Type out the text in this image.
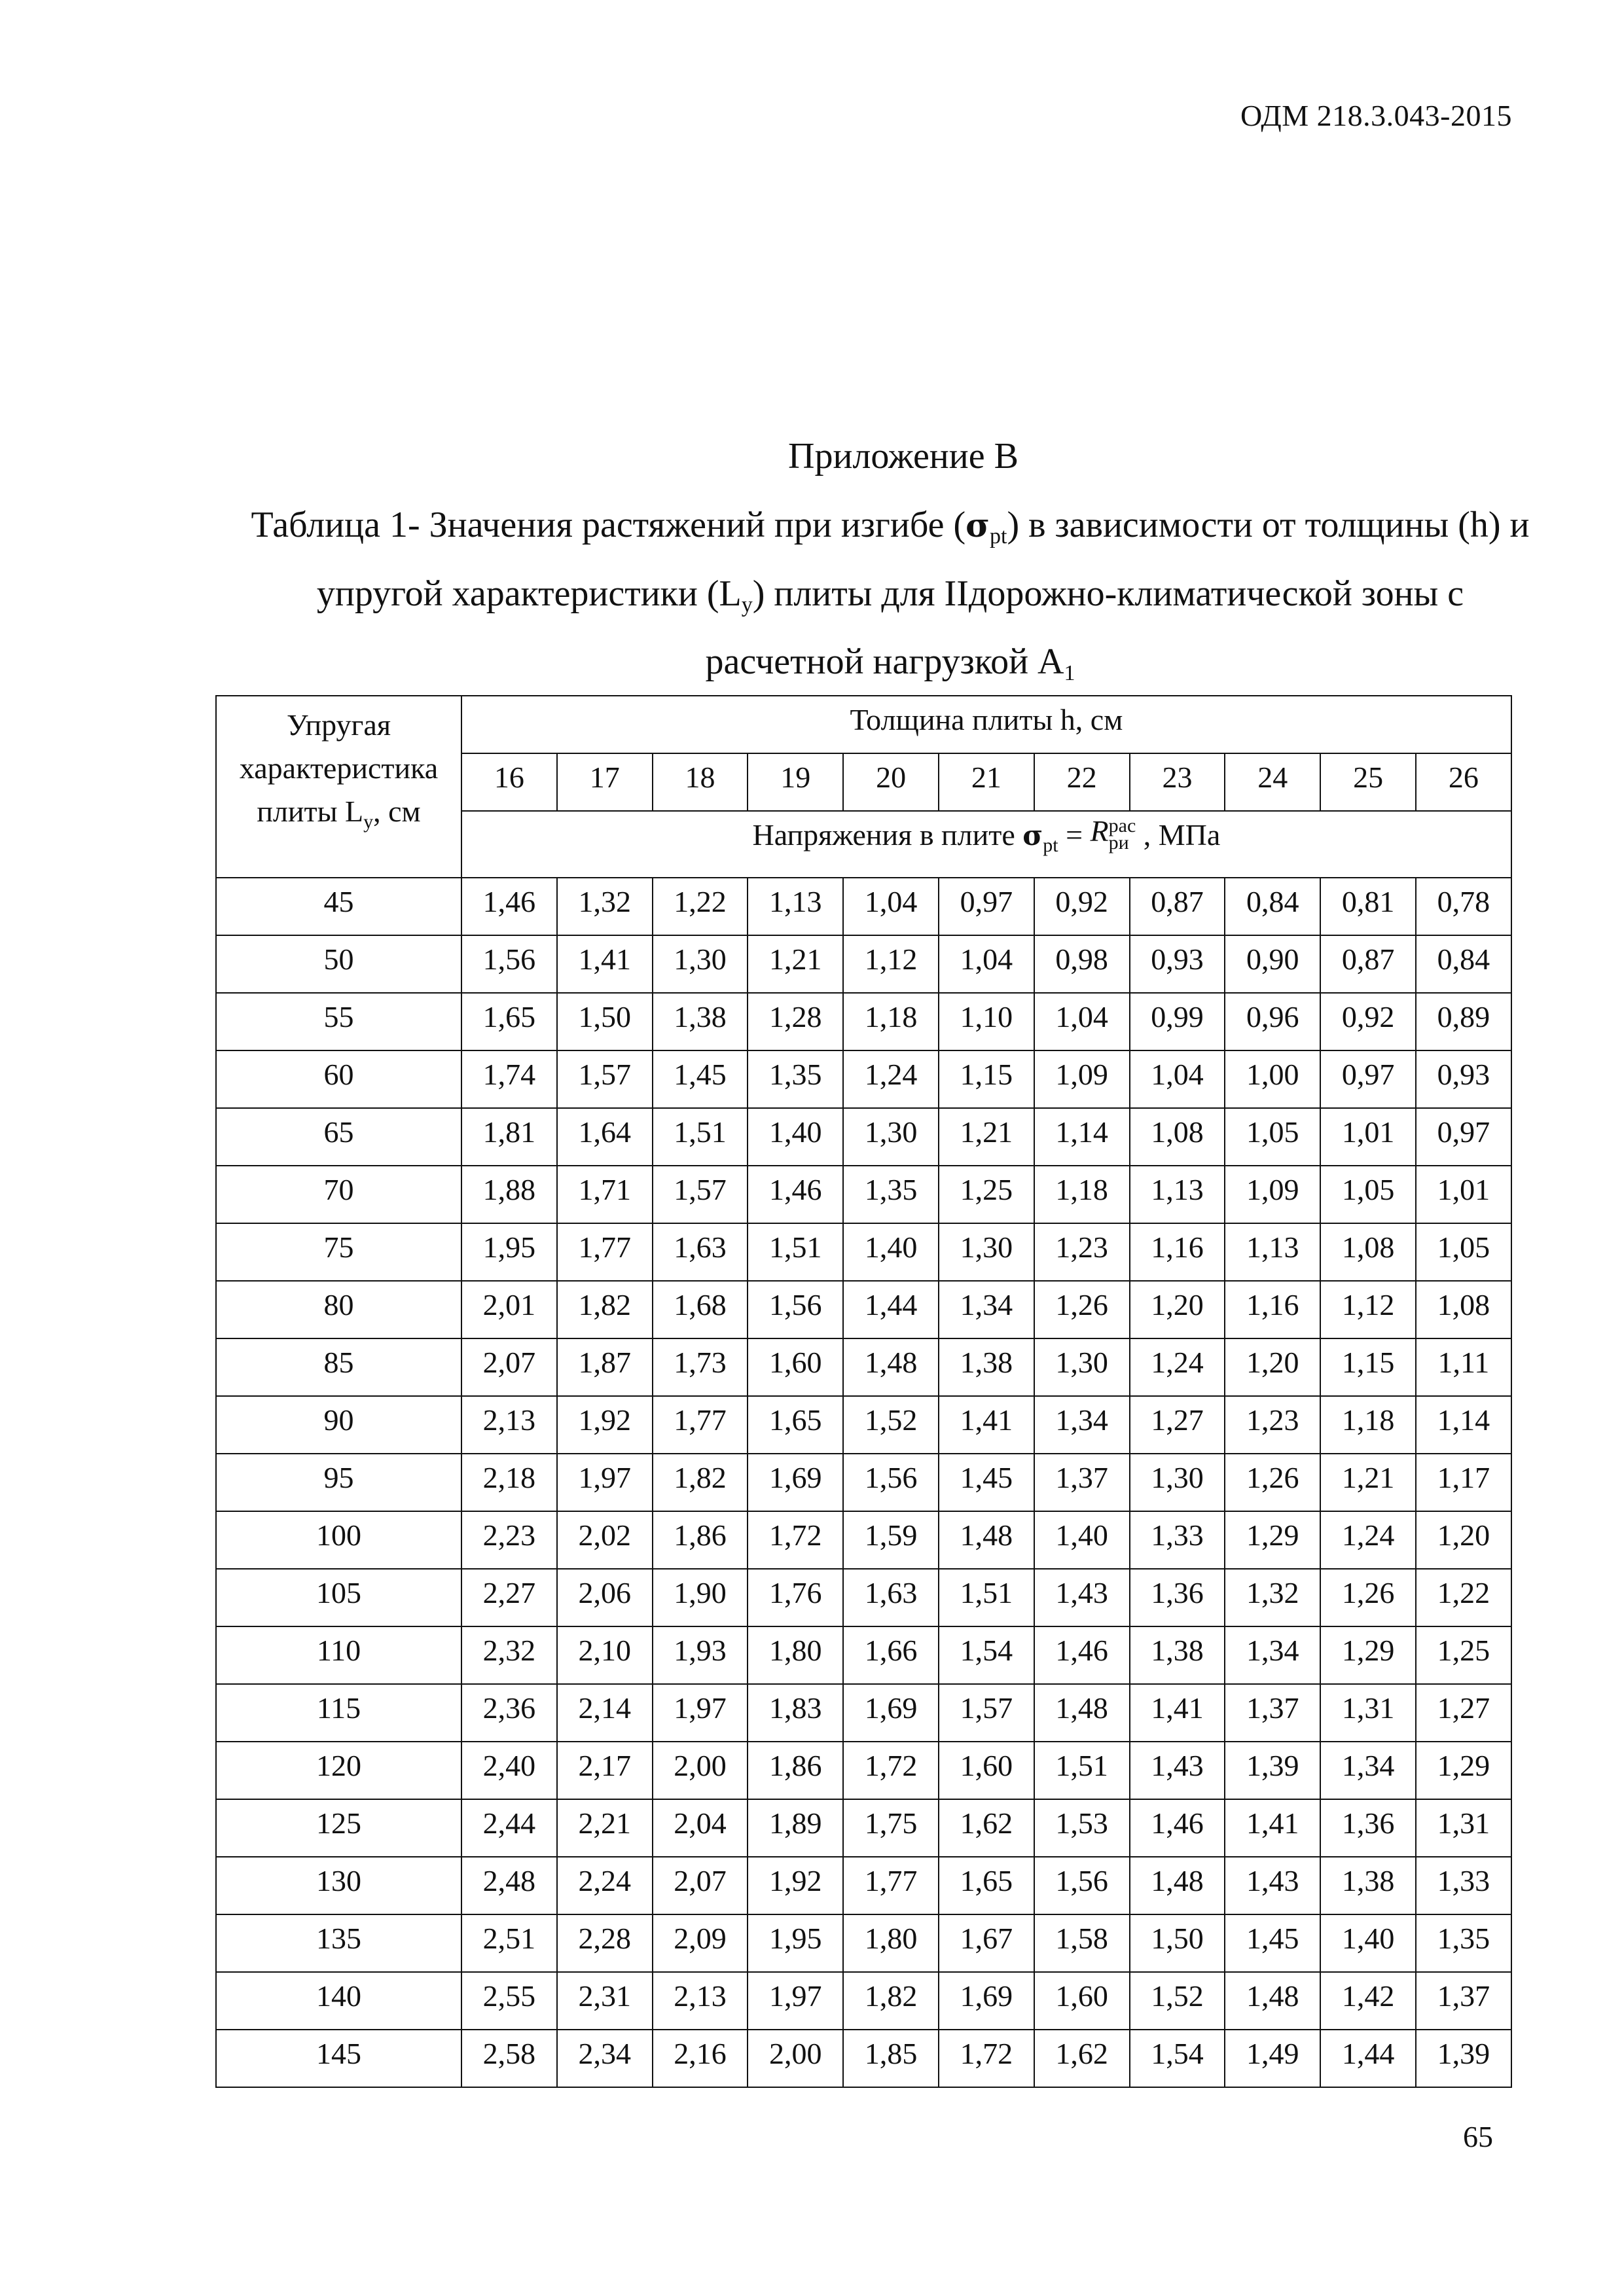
ОДМ 218.3.043-2015
Приложение В
Таблица 1- Значения растяжений при изгибе $(\sigma_{pt})$ в зависимости от толщины (h) и упругой характеристики $(L_у)$ плиты для IIдорожно-климатической зоны с расчетной нагрузкой $А_1$
Упругая
характеристика
плиты $L_у$, см	Толщина плиты h, см										
	16	17	18	19	20	21	22	23	24	25	26
	Напряжения в плите $\sigma_{pt} = R$ рас
ри , МПа										
45	1,46	1,32	1,22	1,13	1,04	0,97	0,92	0,87	0,84	0,81	0,78
50	1,56	1,41	1,30	1,21	1,12	1,04	0,98	0,93	0,90	0,87	0,84
55	1,65	1,50	1,38	1,28	1,18	1,10	1,04	0,99	0,96	0,92	0,89
60	1,74	1,57	1,45	1,35	1,24	1,15	1,09	1,04	1,00	0,97	0,93
65	1,81	1,64	1,51	1,40	1,30	1,21	1,14	1,08	1,05	1,01	0,97
70	1,88	1,71	1,57	1,46	1,35	1,25	1,18	1,13	1,09	1,05	1,01
75	1,95	1,77	1,63	1,51	1,40	1,30	1,23	1,16	1,13	1,08	1,05
80	2,01	1,82	1,68	1,56	1,44	1,34	1,26	1,20	1,16	1,12	1,08
85	2,07	1,87	1,73	1,60	1,48	1,38	1,30	1,24	1,20	1,15	1,11
90	2,13	1,92	1,77	1,65	1,52	1,41	1,34	1,27	1,23	1,18	1,14
95	2,18	1,97	1,82	1,69	1,56	1,45	1,37	1,30	1,26	1,21	1,17
100	2,23	2,02	1,86	1,72	1,59	1,48	1,40	1,33	1,29	1,24	1,20
105	2,27	2,06	1,90	1,76	1,63	1,51	1,43	1,36	1,32	1,26	1,22
110	2,32	2,10	1,93	1,80	1,66	1,54	1,46	1,38	1,34	1,29	1,25
115	2,36	2,14	1,97	1,83	1,69	1,57	1,48	1,41	1,37	1,31	1,27
120	2,40	2,17	2,00	1,86	1,72	1,60	1,51	1,43	1,39	1,34	1,29
125	2,44	2,21	2,04	1,89	1,75	1,62	1,53	1,46	1,41	1,36	1,31
130	2,48	2,24	2,07	1,92	1,77	1,65	1,56	1,48	1,43	1,38	1,33
135	2,51	2,28	2,09	1,95	1,80	1,67	1,58	1,50	1,45	1,40	1,35
140	2,55	2,31	2,13	1,97	1,82	1,69	1,60	1,52	1,48	1,42	1,37
145	2,58	2,34	2,16	2,00	1,85	1,72	1,62	1,54	1,49	1,44	1,39
65
